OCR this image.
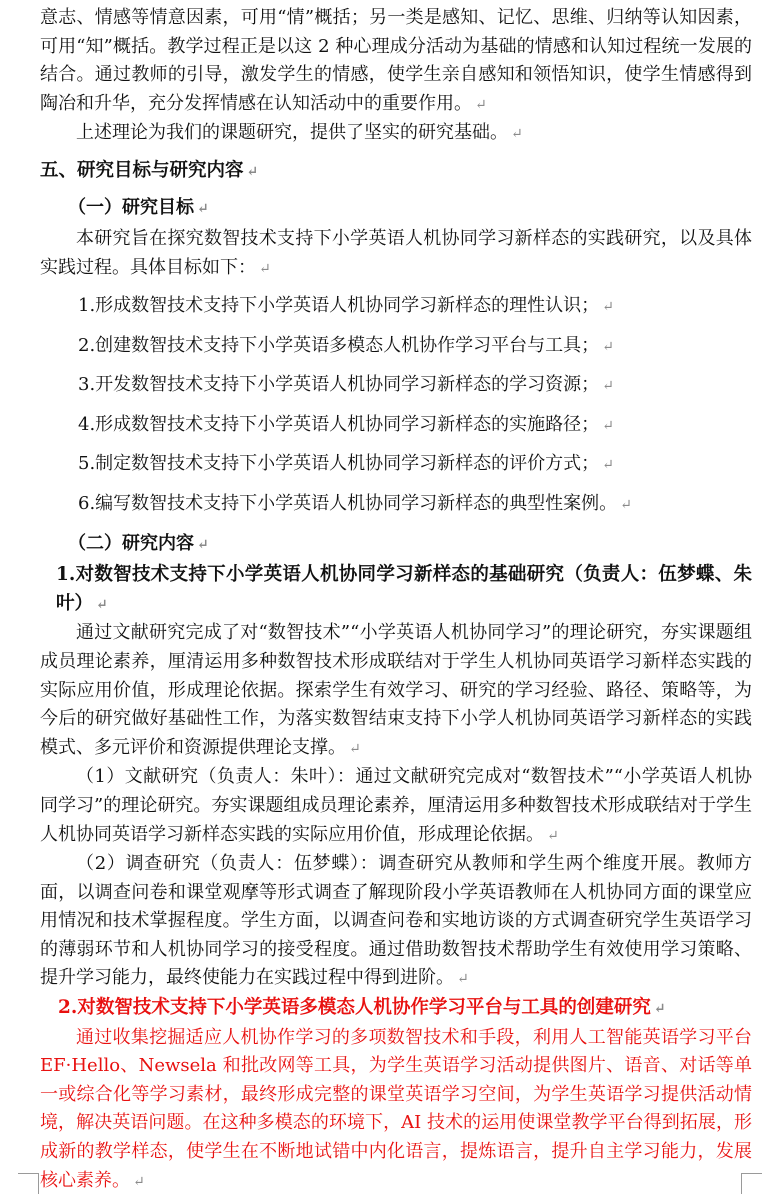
意志、情感等情意因素，可用“情”概括；另一类是感知、记忆、思维、归纳等认知因素，可用“知”概括。教学过程正是以这 2 种心理成分活动为基础的情感和认知过程统一发展的结合。通过教师的引导，激发学生的情感，使学生亲自感知和领悟知识，使学生情感得到陶冶和升华，充分发挥情感在认知活动中的重要作用。 ↵

上述理论为我们的课题研究，提供了坚实的研究基础。 ↵

五、研究目标与研究内容 ↵

（一）研究目标 ↵

本研究旨在探究数智技术支持下小学英语人机协同学习新样态的实践研究，以及具体实践过程。具体目标如下： ↵

1.形成数智技术支持下小学英语人机协同学习新样态的理性认识； ↵

2.创建数智技术支持下小学英语多模态人机协作学习平台与工具； ↵

3.开发数智技术支持下小学英语人机协同学习新样态的学习资源； ↵

4.形成数智技术支持下小学英语人机协同学习新样态的实施路径； ↵

5.制定数智技术支持下小学英语人机协同学习新样态的评价方式； ↵

6.编写数智技术支持下小学英语人机协同学习新样态的典型性案例。 ↵

（二）研究内容 ↵

1.对数智技术支持下小学英语人机协同学习新样态的基础研究（负责人：伍梦蝶、朱叶） ↵

通过文献研究完成了对“数智技术”“小学英语人机协同学习”的理论研究，夯实课题组成员理论素养，厘清运用多种数智技术形成联结对于学生人机协同英语学习新样态实践的实际应用价值，形成理论依据。探索学生有效学习、研究的学习经验、路径、策略等，为今后的研究做好基础性工作，为落实数智结束支持下小学人机协同英语学习新样态的实践模式、多元评价和资源提供理论支撑。 ↵

（1）文献研究（负责人：朱叶）：通过文献研究完成对“数智技术”“小学英语人机协同学习”的理论研究。夯实课题组成员理论素养，厘清运用多种数智技术形成联结对于学生人机协同英语学习新样态实践的实际应用价值，形成理论依据。 ↵

（2）调查研究（负责人：伍梦蝶）：调查研究从教师和学生两个维度开展。教师方面，以调查问卷和课堂观摩等形式调查了解现阶段小学英语教师在人机协同方面的课堂应用情况和技术掌握程度。学生方面，以调查问卷和实地访谈的方式调查研究学生英语学习的薄弱环节和人机协同学习的接受程度。通过借助数智技术帮助学生有效使用学习策略、提升学习能力，最终使能力在实践过程中得到进阶。 ↵

2.对数智技术支持下小学英语多模态人机协作学习平台与工具的创建研究 ↵

通过收集挖掘适应人机协作学习的多项数智技术和手段，利用人工智能英语学习平台 EF·Hello、Newsela 和批改网等工具，为学生英语学习活动提供图片、语音、对话等单一或综合化等学习素材，最终形成完整的课堂英语学习空间，为学生英语学习提供活动情境，解决英语问题。在这种多模态的环境下，AI 技术的运用使课堂教学平台得到拓展，形成新的教学样态，使学生在不断地试错中内化语言，提炼语言，提升自主学习能力，发展核心素养。 ↵
